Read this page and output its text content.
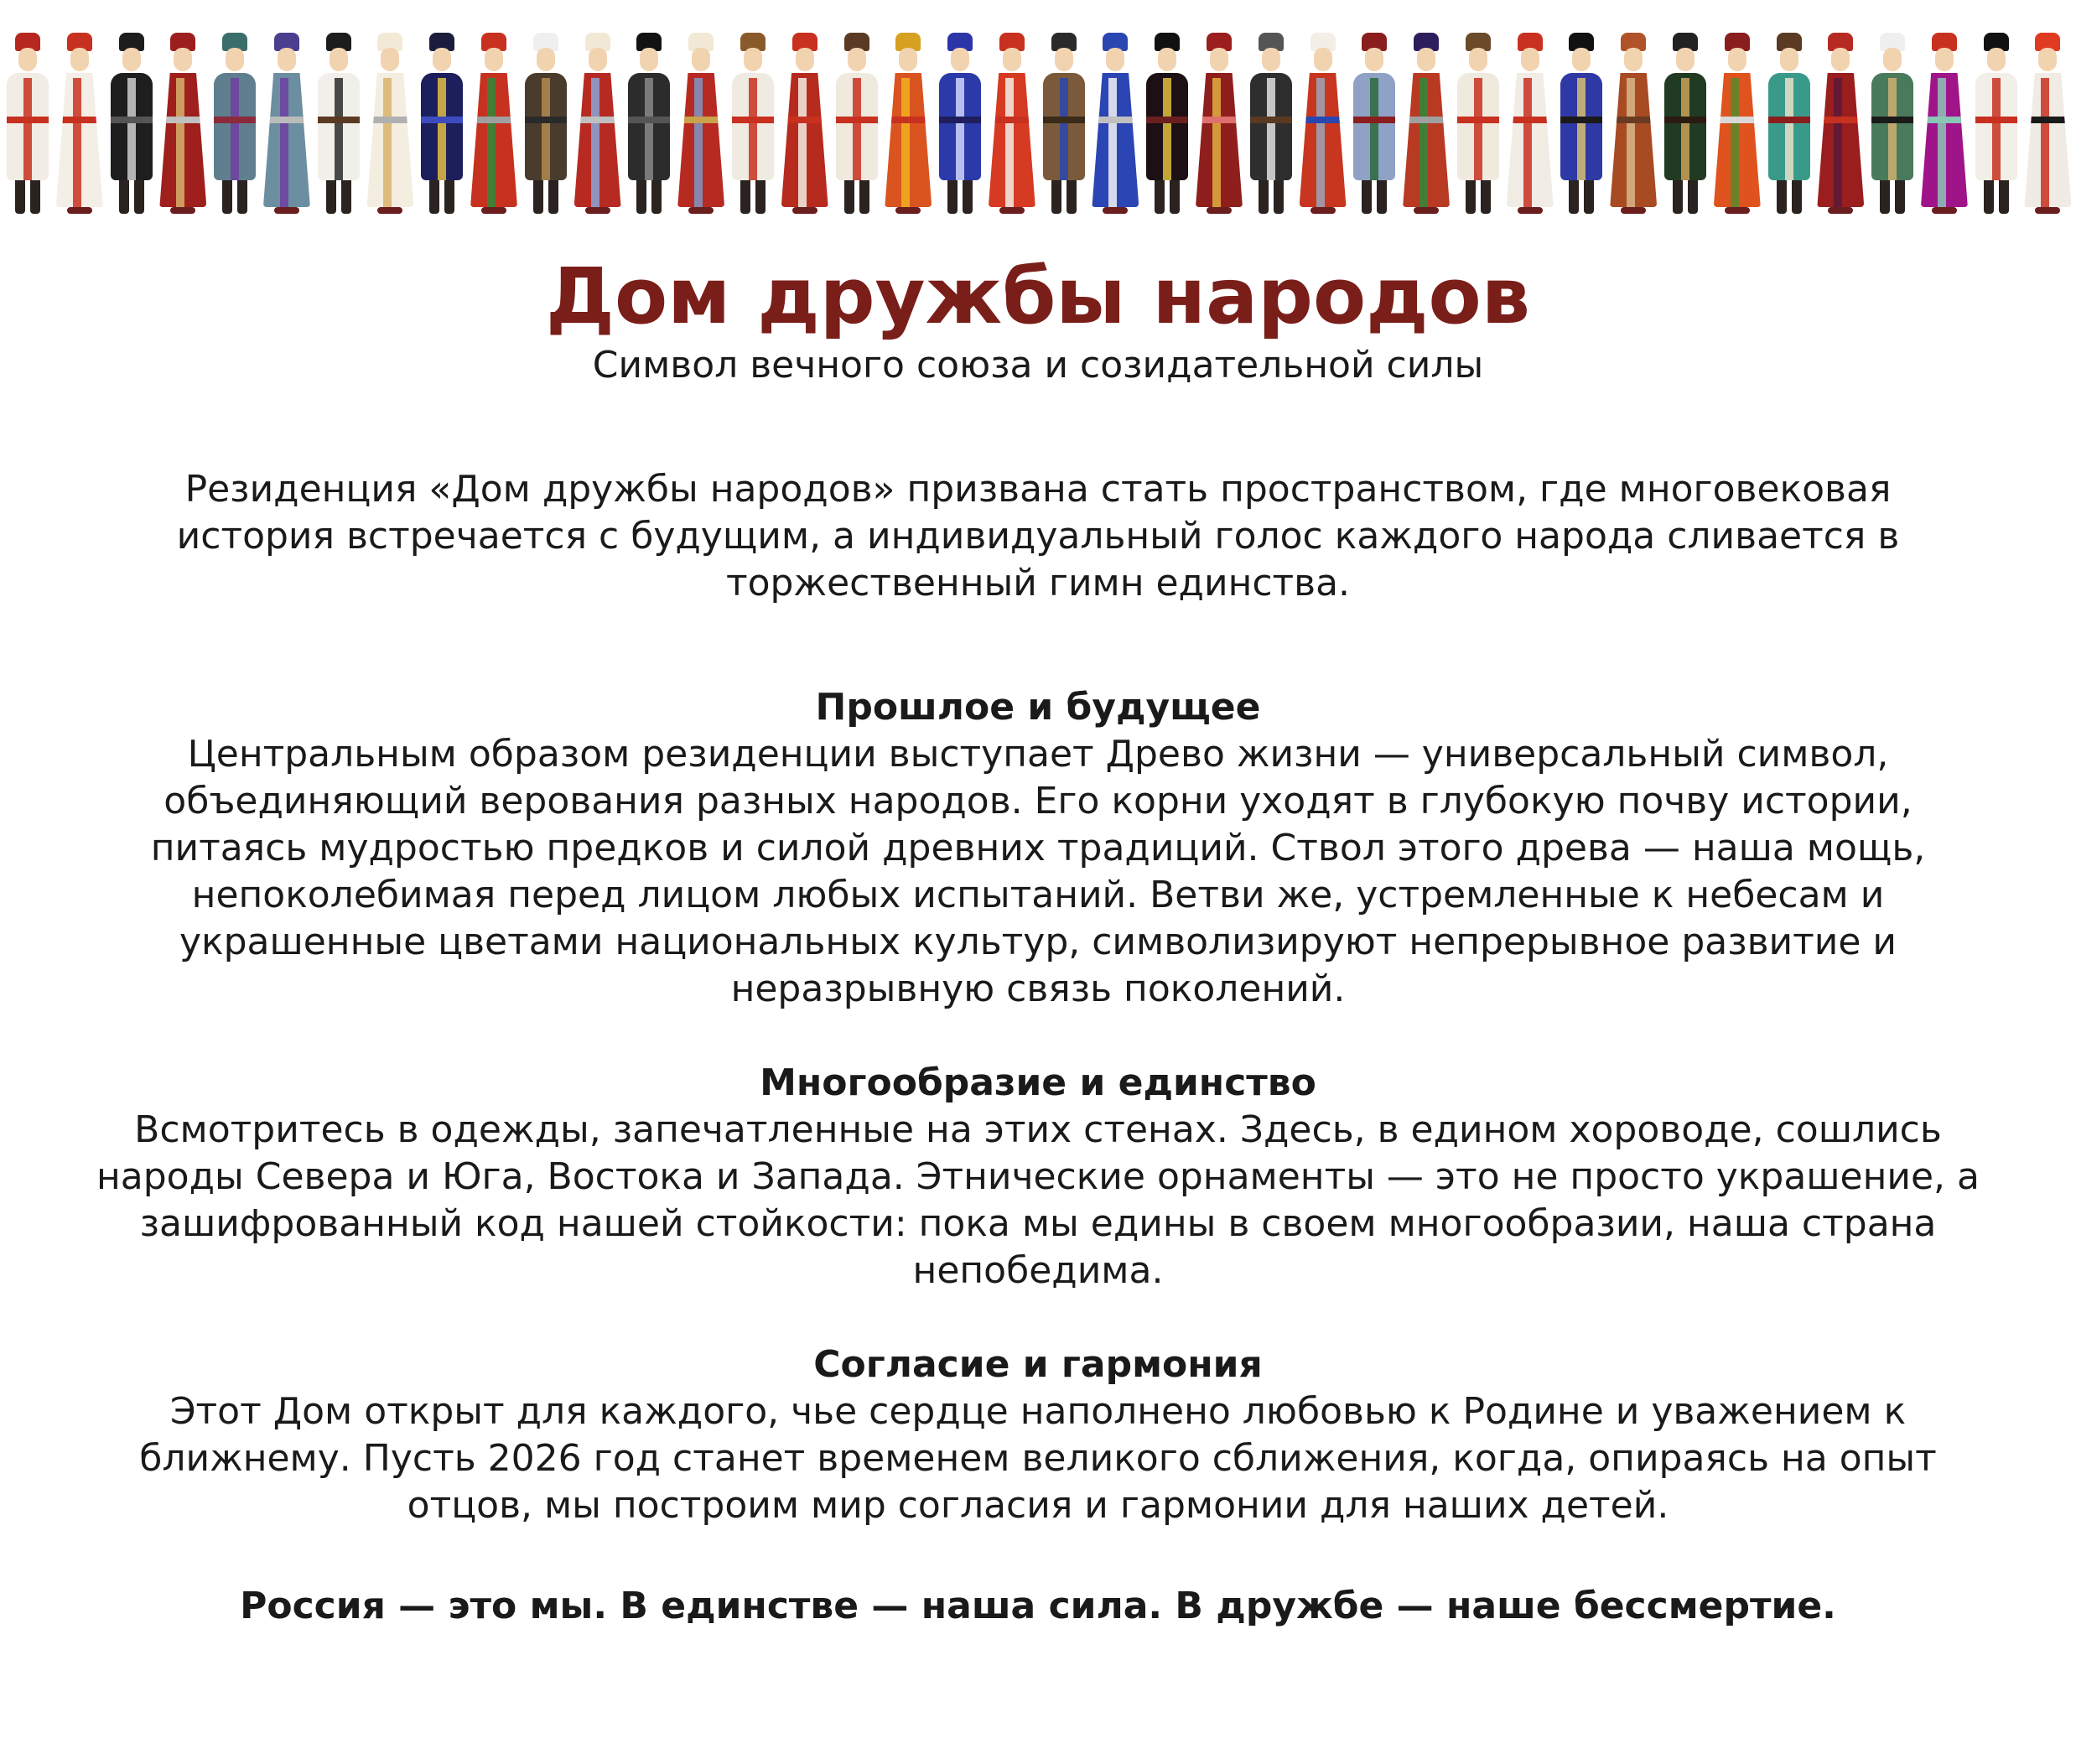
Дом дружбы народов
Символ вечного союза и созидательной силы

Резиденция «Дом дружбы народов» призвана стать пространством, где многовековая история встречается с будущим, а индивидуальный голос каждого народа сливается в торжественный гимн единства.

Прошлое и будущее

Центральным образом резиденции выступает Древо жизни — универсальный символ, объединяющий верования разных народов. Его корни уходят в глубокую почву истории, питаясь мудростью предков и силой древних традиций. Ствол этого древа — наша мощь, непоколебимая перед лицом любых испытаний. Ветви же, устремленные к небесам и украшенные цветами национальных культур, символизируют непрерывное развитие и неразрывную связь поколений.

Многообразие и единство

Всмотритесь в одежды, запечатленные на этих стенах. Здесь, в едином хороводе, сошлись народы Севера и Юга, Востока и Запада. Этнические орнаменты — это не просто украшение, а зашифрованный код нашей стойкости: пока мы едины в своем многообразии, наша страна непобедима.

Согласие и гармония

Этот Дом открыт для каждого, чье сердце наполнено любовью к Родине и уважением к ближнему. Пусть 2026 год станет временем великого сближения, когда, опираясь на опыт отцов, мы построим мир согласия и гармонии для наших детей.

Россия — это мы. В единстве — наша сила. В дружбе — наше бессмертие.
